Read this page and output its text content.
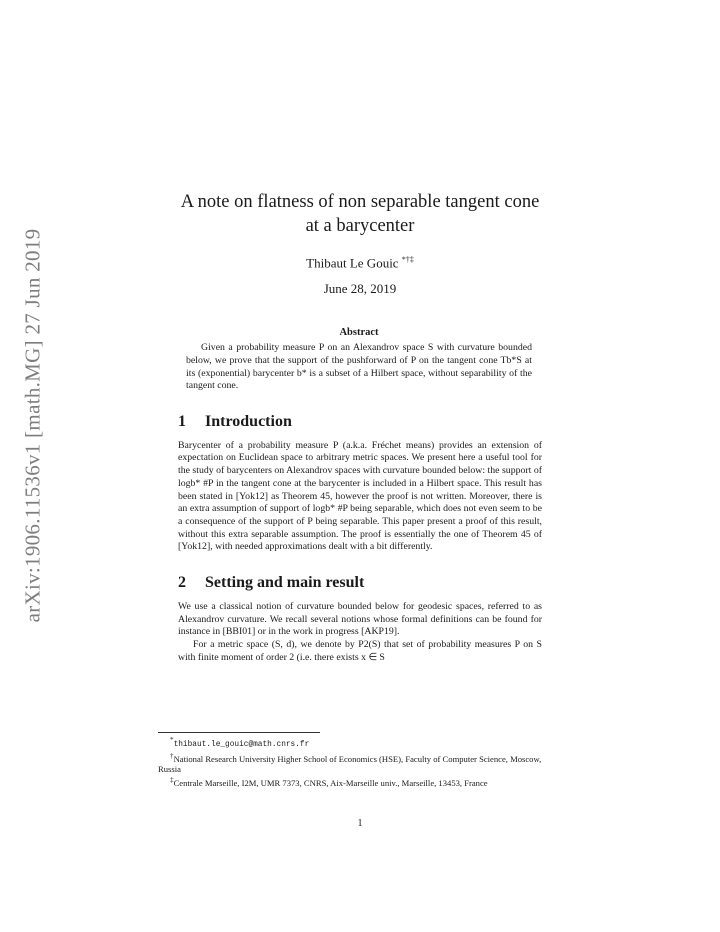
arXiv:1906.11536v1 [math.MG] 27 Jun 2019
A note on flatness of non separable tangent cone
at a barycenter
Thibaut Le Gouic *†‡
June 28, 2019
Abstract

Given a probability measure P on an Alexandrov space S with curvature bounded below, we prove that the support of the pushforward of P on the tangent cone Tb*S at its (exponential) barycenter b* is a subset of a Hilbert space, without separability of the tangent cone.

1 Introduction

Barycenter of a probability measure P (a.k.a. Fréchet means) provides an extension of expectation on Euclidean space to arbitrary metric spaces. We present here a useful tool for the study of barycenters on Alexandrov spaces with curvature bounded below: the support of logb* #P in the tangent cone at the barycenter is included in a Hilbert space. This result has been stated in [Yok12] as Theorem 45, however the proof is not written. Moreover, there is an extra assumption of support of logb* #P being separable, which does not even seem to be a consequence of the support of P being separable. This paper present a proof of this result, without this extra separable assumption. The proof is essentially the one of Theorem 45 of [Yok12], with needed approximations dealt with a bit differently.

2 Setting and main result

We use a classical notion of curvature bounded below for geodesic spaces, referred to as Alexandrov curvature. We recall several notions whose formal definitions can be found for instance in [BBI01] or in the work in progress [AKP19].

For a metric space (S, d), we denote by P2(S) that set of probability measures P on S with finite moment of order 2 (i.e. there exists x ∈ S

*thibaut.le_gouic@math.cnrs.fr
†National Research University Higher School of Economics (HSE), Faculty of Computer Science, Moscow, Russia
‡Centrale Marseille, I2M, UMR 7373, CNRS, Aix-Marseille univ., Marseille, 13453, France
1
